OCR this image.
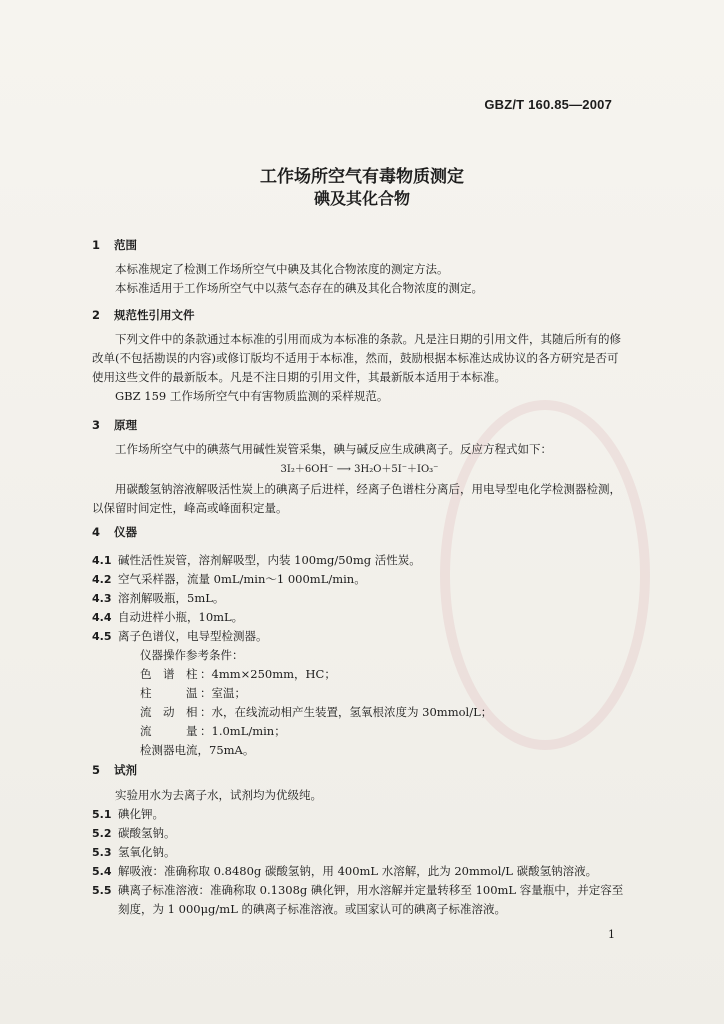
GBZ/T 160.85—2007
工作场所空气有毒物质测定
碘及其化合物
1 范围
本标准规定了检测工作场所空气中碘及其化合物浓度的测定方法。
本标准适用于工作场所空气中以蒸气态存在的碘及其化合物浓度的测定。
2 规范性引用文件
下列文件中的条款通过本标准的引用而成为本标准的条款。凡是注日期的引用文件，其随后所有的修改单(不包括勘误的内容)或修订版均不适用于本标准，然而，鼓励根据本标准达成协议的各方研究是否可使用这些文件的最新版本。凡是不注日期的引用文件，其最新版本适用于本标准。
GBZ 159 工作场所空气中有害物质监测的采样规范。
3 原理
工作场所空气中的碘蒸气用碱性炭管采集，碘与碱反应生成碘离子。反应方程式如下：
3I₂＋6OH⁻ ⟶ 3H₂O＋5I⁻＋IO₃⁻
用碳酸氢钠溶液解吸活性炭上的碘离子后进样，经离子色谱柱分离后，用电导型电化学检测器检测，以保留时间定性，峰高或峰面积定量。
4 仪器
4.1 碱性活性炭管，溶剂解吸型，内装 100mg/50mg 活性炭。
4.2 空气采样器，流量 0mL/min～1 000mL/min。
4.3 溶剂解吸瓶，5mL。
4.4 自动进样小瓶，10mL。
4.5 离子色谱仪，电导型检测器。
仪器操作参考条件：
色　谱　柱 ：4mm×250mm，HC；
柱　　　温 ：室温；
流　动　相 ：水，在线流动相产生装置，氢氧根浓度为 30mmol/L；
流　　　量 ：1.0mL/min；
检测器电流，75mA。
5 试剂
实验用水为去离子水，试剂均为优级纯。
5.1 碘化钾。
5.2 碳酸氢钠。
5.3 氢氧化钠。
5.4 解吸液：准确称取 0.8480g 碳酸氢钠，用 400mL 水溶解，此为 20mmol/L 碳酸氢钠溶液。
5.5 碘离子标准溶液：准确称取 0.1308g 碘化钾，用水溶解并定量转移至 100mL 容量瓶中，并定容至刻度，为 1 000μg/mL 的碘离子标准溶液。或国家认可的碘离子标准溶液。
1
